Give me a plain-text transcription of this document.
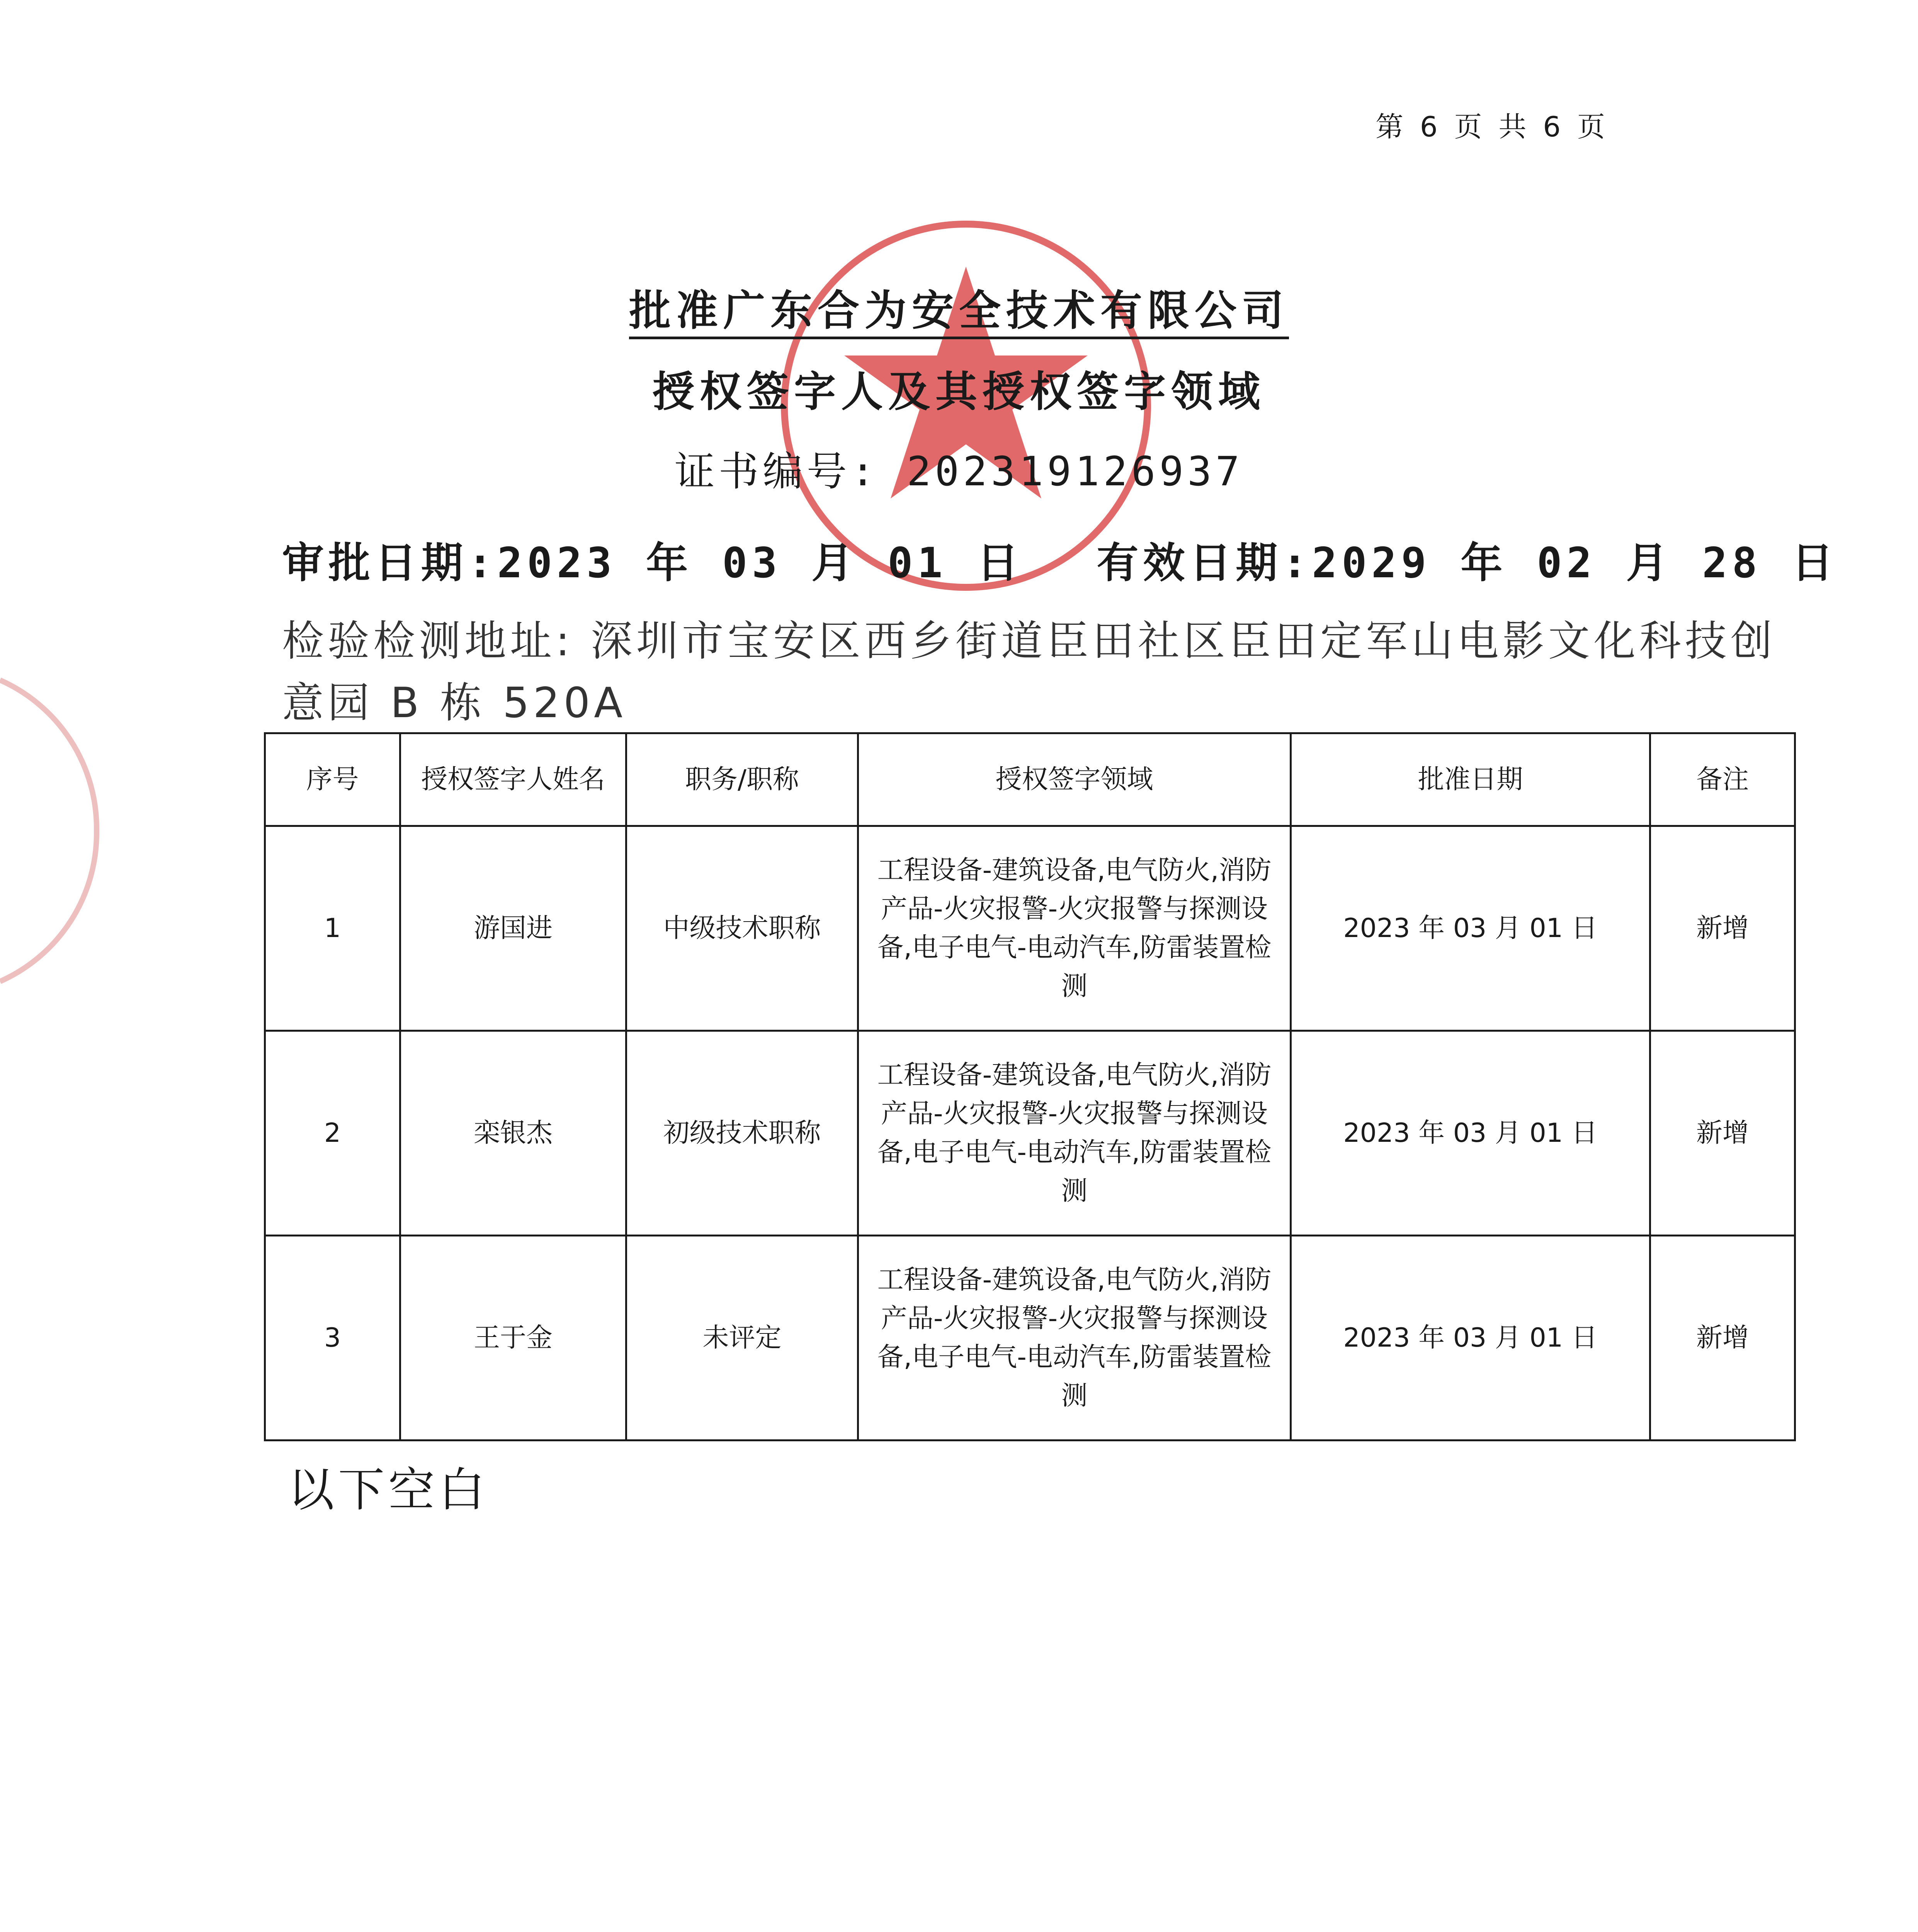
第 6 页 共 6 页
批准广东合为安全技术有限公司
授权签字人及其授权签字领域
证书编号: 202319126937
审批日期:2023 年 03 月 01 日 有效日期:2029 年 02 月 28 日
检验检测地址: 深圳市宝安区西乡街道臣田社区臣田定军山电影文化科技创意园 B 栋 520A
序号	授权签字人姓名	职务/职称	授权签字领域	批准日期	备注
1	游国进	中级技术职称	工程设备-建筑设备,电气防火,消防产品-火灾报警-火灾报警与探测设备,电子电气-电动汽车,防雷装置检测	2023 年 03 月 01 日	新增
2	栾银杰	初级技术职称	工程设备-建筑设备,电气防火,消防产品-火灾报警-火灾报警与探测设备,电子电气-电动汽车,防雷装置检测	2023 年 03 月 01 日	新增
3	王于金	未评定	工程设备-建筑设备,电气防火,消防产品-火灾报警-火灾报警与探测设备,电子电气-电动汽车,防雷装置检测	2023 年 03 月 01 日	新增
以下空白
